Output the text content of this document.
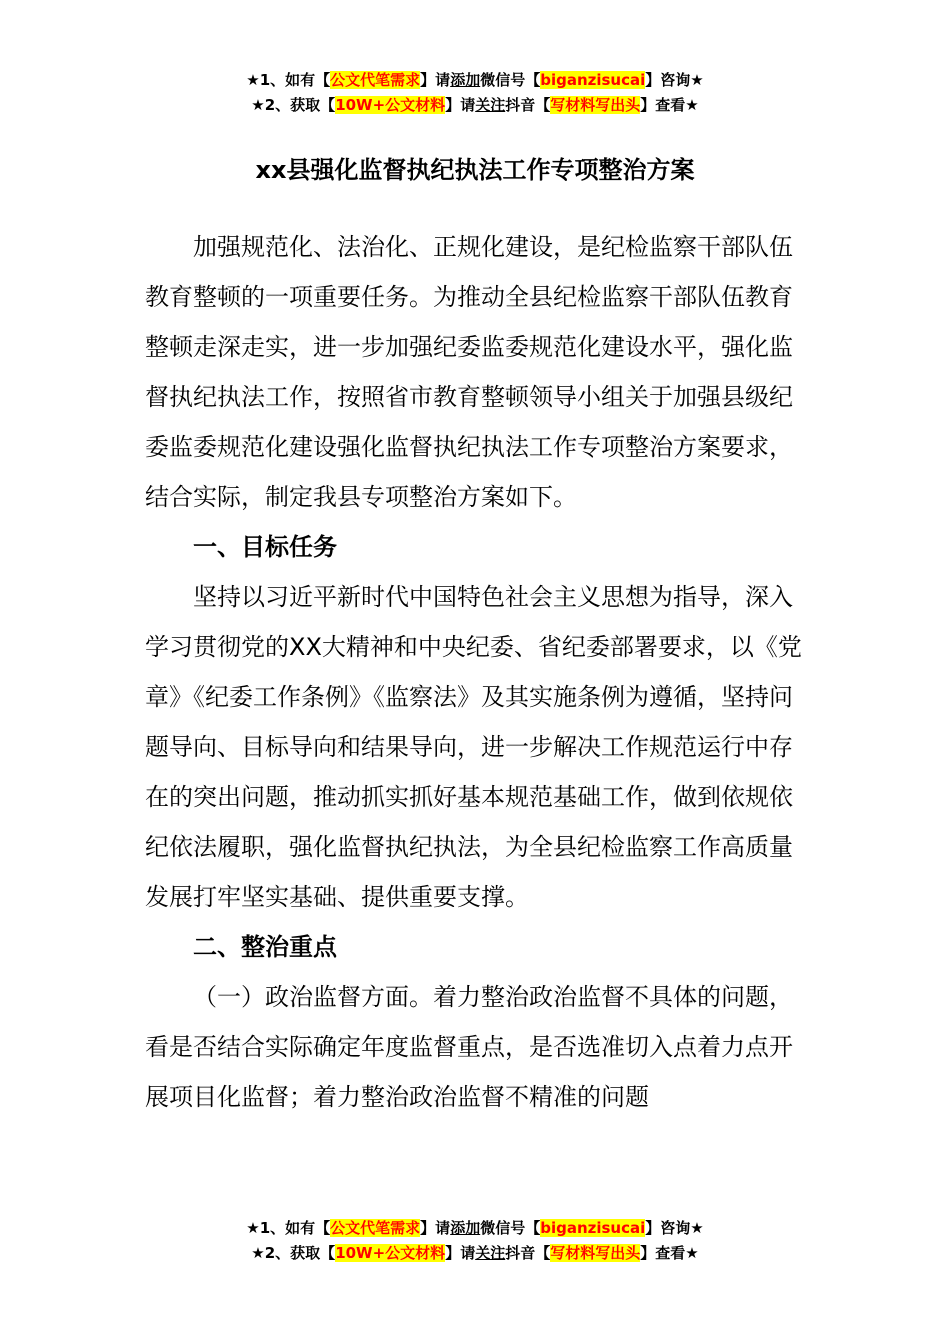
★1、如有【公文代笔需求】请添加微信号【biganzisucai】咨询★
★2、获取【10W+公文材料】请关注抖音【写材料写出头】查看★
xx县强化监督执纪执法工作专项整治方案

加强规范化、法治化、正规化建设，是纪检监察干部队伍教育整顿的一项重要任务。为推动全县纪检监察干部队伍教育整顿走深走实，进一步加强纪委监委规范化建设水平，强化监督执纪执法工作，按照省市教育整顿领导小组关于加强县级纪委监委规范化建设强化监督执纪执法工作专项整治方案要求，结合实际，制定我县专项整治方案如下。

一、目标任务

坚持以习近平新时代中国特色社会主义思想为指导，深入学习贯彻党的XX大精神和中央纪委、省纪委部署要求，以《党章》《纪委工作条例》《监察法》及其实施条例为遵循，坚持问题导向、目标导向和结果导向，进一步解决工作规范运行中存在的突出问题，推动抓实抓好基本规范基础工作，做到依规依纪依法履职，强化监督执纪执法，为全县纪检监察工作高质量发展打牢坚实基础、提供重要支撑。

二、整治重点

（一）政治监督方面。着力整治政治监督不具体的问题，看是否结合实际确定年度监督重点，是否选准切入点着力点开展项目化监督；着力整治政治监督不精准的问题

★1、如有【公文代笔需求】请添加微信号【biganzisucai】咨询★
★2、获取【10W+公文材料】请关注抖音【写材料写出头】查看★
